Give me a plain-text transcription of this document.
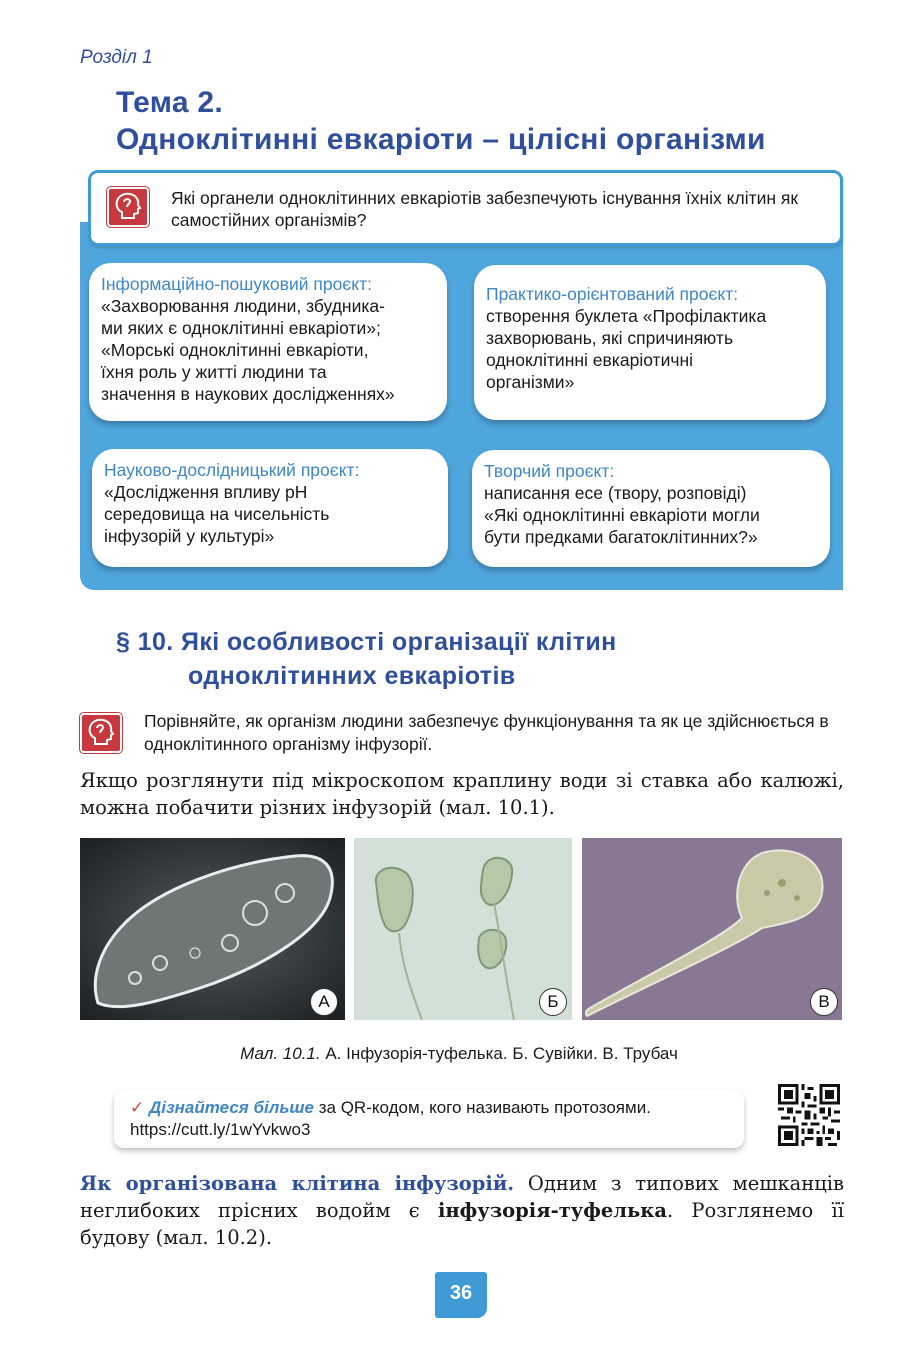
Розділ 1
Тема 2.
Одноклітинні евкаріоти – цілісні організми
Які органели одноклітинних евкаріотів забезпечують існування їхніх клітин як самостійних організмів?
Інформаційно-пошуковий проєкт:
«Захворювання людини, збудника-
ми яких є одноклітинні евкаріоти»;
«Морські одноклітинні евкаріоти,
їхня роль у житті людини та
значення в наукових дослідженнях»
Практико-орієнтований проєкт:
створення буклета «Профілактика
захворювань, які спричиняють
одноклітинні евкаріотичні
організми»
Науково-дослідницький проєкт:
«Дослідження впливу рН
середовища на чисельність
інфузорій у культурі»
Творчий проєкт:
написання есе (твору, розповіді)
«Які одноклітинні евкаріоти могли
бути предками багатоклітинних?»
§ 10. Які особливості організації клітин
одноклітинних евкаріотів
Порівняйте, як організм людини забезпечує функціонування та як це здійснюється в одноклітинного організму інфузорії.
Якщо розглянути під мікроскопом краплину води зі ставка або калюжі, можна побачити різних інфузорій (мал. 10.1).
А	Б	В
Мал. 10.1. А. Інфузорія-туфелька. Б. Сувійки. В. Трубач
✓ Дізнайтеся більше за QR-кодом, кого називають протозоями.
https://cutt.ly/1wYvkwo3
Як організована клітина інфузорій. Одним з типових мешканців неглибоких прісних водойм є інфузорія-туфелька. Розглянемо її будову (мал. 10.2).
36
